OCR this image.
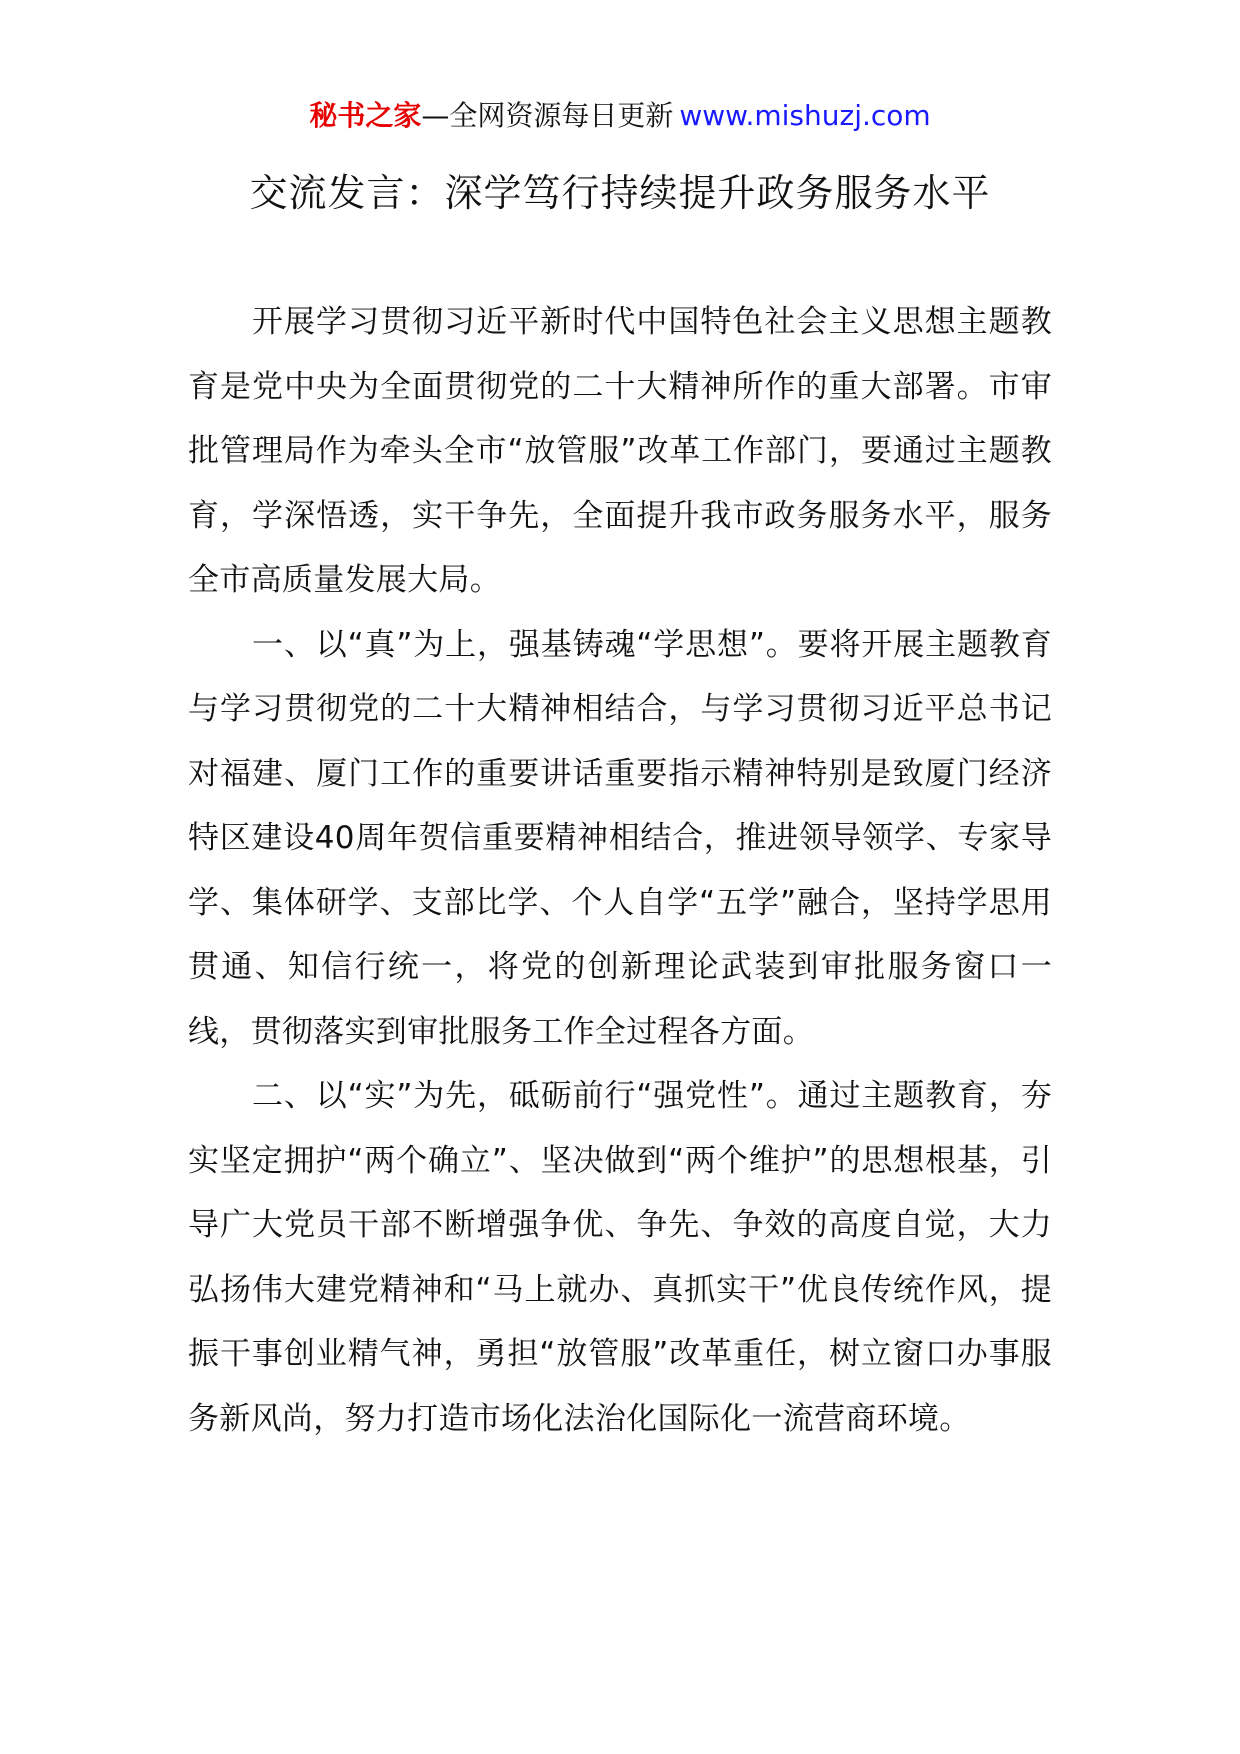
秘书之家—全网资源每日更新 www.mishuzj.com
交流发言：深学笃行持续提升政务服务水平

开展学习贯彻习近平新时代中国特色社会主义思想主题教育是党中央为全面贯彻党的二十大精神所作的重大部署。市审批管理局作为牵头全市“放管服”改革工作部门，要通过主题教育，学深悟透，实干争先，全面提升我市政务服务水平，服务全市高质量发展大局。

一、以“真”为上，强基铸魂“学思想”。要将开展主题教育与学习贯彻党的二十大精神相结合，与学习贯彻习近平总书记对福建、厦门工作的重要讲话重要指示精神特别是致厦门经济特区建设40周年贺信重要精神相结合，推进领导领学、专家导学、集体研学、支部比学、个人自学“五学”融合，坚持学思用贯通、知信行统一，将党的创新理论武装到审批服务窗口一线，贯彻落实到审批服务工作全过程各方面。

二、以“实”为先，砥砺前行“强党性”。通过主题教育，夯实坚定拥护“两个确立”、坚决做到“两个维护”的思想根基，引导广大党员干部不断增强争优、争先、争效的高度自觉，大力弘扬伟大建党精神和“马上就办、真抓实干”优良传统作风，提振干事创业精气神，勇担“放管服”改革重任，树立窗口办事服务新风尚，努力打造市场化法治化国际化一流营商环境。
